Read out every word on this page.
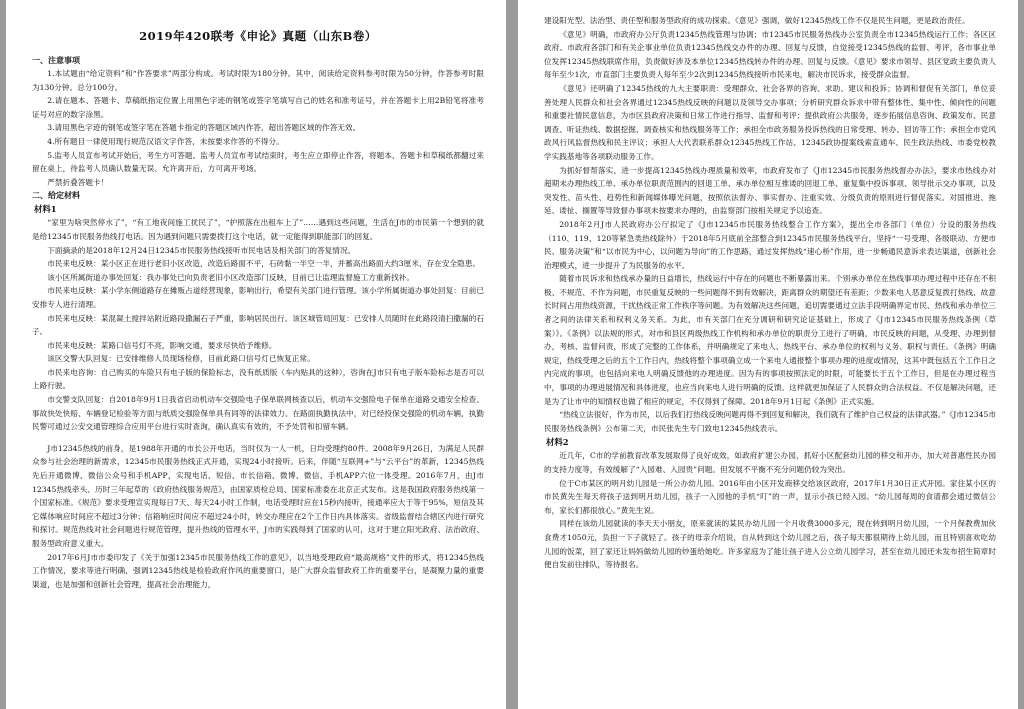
2019年420联考《申论》真题（山东B卷）
一、注意事项

1.本试题由“给定资料”和“作答要求”两部分构成。考试时限为180分钟。其中，阅读给定资料参考时限为50分钟，作答参考时限为130分钟。总分100分。

2.请在题本、答题卡、草稿纸指定位置上用黑色字迹的钢笔或签字笔填写自己的姓名和准考证号，并在答题卡上用2B铅笔将准考证号对应的数字涂黑。

3.请用黑色字迹的钢笔或签字笔在答题卡指定的答题区域内作答，超出答题区域的作答无效。

4.所有题目一律使用现行规范汉语文字作答，未按要求作答的不得分。

5.监考人员宣布考试开始后，考生方可答题。监考人员宣布考试结束时，考生应立即停止作答，将题本、答题卡和草稿纸都翻过来留在桌上，待监考人员确认数量无误、允许离开后，方可离开考场。

严禁折叠答题卡！

二、给定材料
材料1

“家里为啥突然停水了”，“有工地夜间施工扰民了”，“护照落在出租车上了”……遇到这些问题，生活在J市的市民第一个想到的就是给12345市民服务热线打电话。因为遇到问题只需要拨打这个电话，就一定能得到职能部门的回复。

下面摘录的是2018年12月24日12345市民服务热线接听市民电话及相关部门的答复情况。

市民来电反映：某小区正在进行老旧小区改造，改造后路面不平，石砖黏一半空一半，并蓄高出路面大约3厘米，存在安全隐患。

该小区所属街道办事处回复：我办事处已向负责老旧小区改造部门反映，目前已让监理监督施工方重新找补。

市民来电反映：某小学东侧道路存在摊贩占道经营现象，影响出行，希望有关部门进行管理。该小学所属街道办事处回复：目前已安排专人进行清理。

市民来电反映：某混凝土搅拌站附近路段撒漏石子严重，影响居民出行。该区城管局回复：已安排人员随时在此路段清扫撒漏的石子。

市民来电反映：某路口信号灯不亮，影响交通，要求尽快给予维修。

该区交警大队回复：已安排维修人员现场检修，目前此路口信号灯已恢复正常。

市民来电咨询：自己购买的车险只有电子版的保险标志，没有纸质版（车内贴具的这种），咨询在J市只有电子版车险标志是否可以上路行驶。

市交警支队回复：自2018年9月1日我省启动机动车交强险电子保单联网核查以后，机动车交强险电子保单在道路交通安全检查、事故快处快赔、车辆登记检验等方面与纸质交强险保单具有同等的法律效力。在路面执勤执法中，对已经投保交强险的机动车辆，执勤民警可通过公安交通管理综合应用平台进行实时查询，确认真实有效的，不予处罚和扣留车辆。

J市12345热线的前身，是1988年开通的市长公开电话，当时仅为一人一机，日均受理约80件。2008年9月26日，为满足人民群众参与社会治理的新需求，12345市民服务热线正式开通，实现24小时接听。后来，伴随“互联网+”与“云平台”的革新，12345热线先后开通微博、微信公众号和手机APP，实现电话、短信、市长信箱、微博、微信、手机APP六位一体受理。2016年7月，由J市12345热线牵头、历时三年起草的《政府热线服务规范》，由国家质检总局、国家标准委在北京正式发布。这是我国政府服务热线第一个国家标准。《规范》要求受理宣实现每日7天、每天24小时工作制，电话受理时应在15秒内接听，接通率应大于等于95%，短信及其它媒体响应时间应不超过3分钟；信箱响应时间应不超过24小时，转交办理应在2个工作日内具体落实。省级监督结合辖区内进行研究和探讨。规范热线对社会问题进行规范管理，提升热线的管理水平，J市的实践得到了国家的认可，这对于建立阳光政府、法治政府、服务型政府意义重大。

2017年6月J市市委印发了《关于加强12345市民服务热线工作的意见》，以当地受理政府“最高规格”文件的形式，将12345热线工作情况，要求等进行明确，强调12345热线是检验政府作风的重要窗口，是广大群众监督政府工作的重要平台，是凝聚力量的重要渠道，也是加强和创新社会管理，提高社会治理能力，

建设阳光型、法治型、责任型和服务型政府的成功探索。《意见》强调，做好12345热线工作不仅是民生问题，更是政治责任。

《意见》明确，市政府办公厅负责12345热线管理与协调；市12345市民服务热线办公室负责全市12345热线运行工作；各区区政府、市政府各部门和有关企事业单位负责12345热线交办件的办理、回复与反馈，自觉接受12345热线的监督、考评，各市事业单位发挥12345热线联席作用，负责做好涉及本单位12345热线转办件的办理、回复与反馈。《意见》要求市领导、县区党政主要负责人每年至少1次，市直部门主要负责人每年至少2次到12345热线接听市民来电，解决市民诉求，接受群众监督。

《意见》还明确了12345热线的九大主要职责：受理群众、社会各界的咨询、求助、建议和投诉；协调和督促有关部门，单位妥善处理人民群众和社会各界通过12345热线反映的问题以及领导交办事项；分析研究群众诉求中带有整体性、集中性、倾向性的问题和重要社情民意信息，为市区县政府决策和日常工作进行指导、监督和考评；提供政府公共服务，逐步拓展信息咨询、政策发布、民意调查、听证热线、数据挖掘、调查核实和热线服务等工作；承担全市政务服务投诉热线的日常受理、转办、回访等工作；承担全市党风政风行风监督热线和民主评议；承担人大代表联系群众12345热线工作站、12345政协提案线索直通车、民生政法热线、市委党校教学实践基地等各项联动服务工作。

为抓好督帮落实，进一步提高12345热线办理质量和效率，市政府发布了《J市12345市民服务热线督办办法》，要求市热线办对超期未办理热线工单、承办单位职责范围内的回退工单、承办单位相互推诿的回退工单、重复集中投诉事项、领导批示交办事项，以及突发性、苗头性、趋势性和新闻媒体曝光问题，按照依法督办、事实督办、注重实效、分级负责的原则进行督促落实。对国推进、拖延、诿扯、搁置等导致督办事项未按要求办理的，由监察部门按相关规定予以追查。

2018年2月J市人民政府办公厅拟定了《J市12345市民服务热线整合工作方案》，提出全市各部门（单位）分设的服务热线（110、119、120等紧急类热线除外）于2018年5月底前全部整合到12345市民服务热线平台，坚持“一号受理、各级联动、方便市民、服务决策”和“以市民为中心，以问题为导向”的工作思路，通过发挥热线“速心桥”作用，进一步畅通民意诉求表达渠道，创新社会治理模式，进一步提升了为民服务的水平。

随着市民诉求和热线承办量的日益增长，热线运行中存在的问题也不断暴露出来。个别承办单位在热线事项办理过程中还存在不积极、不规范、不作为问题，市民重复反映的一些问题得不到有效解决，距离群众的期望还有差距；少数来电人恶意反复拨打热线、故意长时间占用热线资源，干扰热线正常工作秩序等问题。为有效解决这些问题，追切需要通过立法手段明确界定市民、热线和承办单位三者之间的法律关系和权利义务关系。为此，市有关部门在充分调研和研究论证基础上，形成了《J市12345市民服务热线条例（草案）》。《条例》以法规的形式，对市和县区两级热线工作机构和承办单位的职责分工进行了明确，市民反映的问题，从受理、办理到督办，考核、监督问责，形成了完整的工作体系，并明确规定了来电人、热线平台、承办单位的权利与义务、职权与责任。《条例》明确规定，热线受理之后的五个工作日内，热线将整个事项确立成一个来电人通报整个事项办理的进度或情况，这其中既包括五个工作日之内完成的事项，也包括向来电人明确反馈他的办理进度。因为有的事项按照法定的时限，可能要长于五个工作日，但是在办理过程当中，事项的办理进展情况和具体进度，也应当向来电人进行明确的反馈。这样就更加保证了人民群众的合法权益。不仅是解决问题，还是为了让市中的知情权也做了相应的规定，不仅得到了保障。2018年9月1日起《条例》正式实施。

“热线立法很好，作为市民，以后我们打热线反映问题再得不到回复和解决，我们就有了维护自己权益的法律武器。”《J市12345市民服务热线条例》公布第二天，市民张先生专门致电12345热线表示。

材料2

近几年，C市的学前教育改革发展取得了良好成效，如政府扩建公办园，抓好小区配套幼儿园的移交和开办，加大对普惠性民办园的支持力度等，有效缓解了“入园难、入园贵”问题。但发展不平衡不充分问题仍较为突出。

位于C市某区的明月幼儿园是一所公办幼儿园。2016年由小区开发商移交给该区政府，2017年1月30日正式开园。家住某小区的市民黄先生每天将孩子送到明月幼儿园，孩子一入园他的手机“叮”的一声，显示小孩已经入园。“幼儿园每周的食谱都会通过微信公布，家长们都很放心。”黄先生说。

同样在该幼儿园就读的李天天小朋友，原来就读的某民办幼儿园一个月收费3000多元，现在转到明月幼儿园，一个月保教费加伙食费才1050元，负担一下子就轻了。孩子的母亲介绍说，自从转到这个幼儿园之后，孩子每天都很期待上幼儿园，而且特别喜欢吃幼儿园的饭菜，回了家还让妈妈做幼儿园的炒蛋给她吃。许多家庭为了能让孩子进入公立幼儿园学习，甚至在幼儿园还未发布招生简章时便自发前往排队，等待报名。
